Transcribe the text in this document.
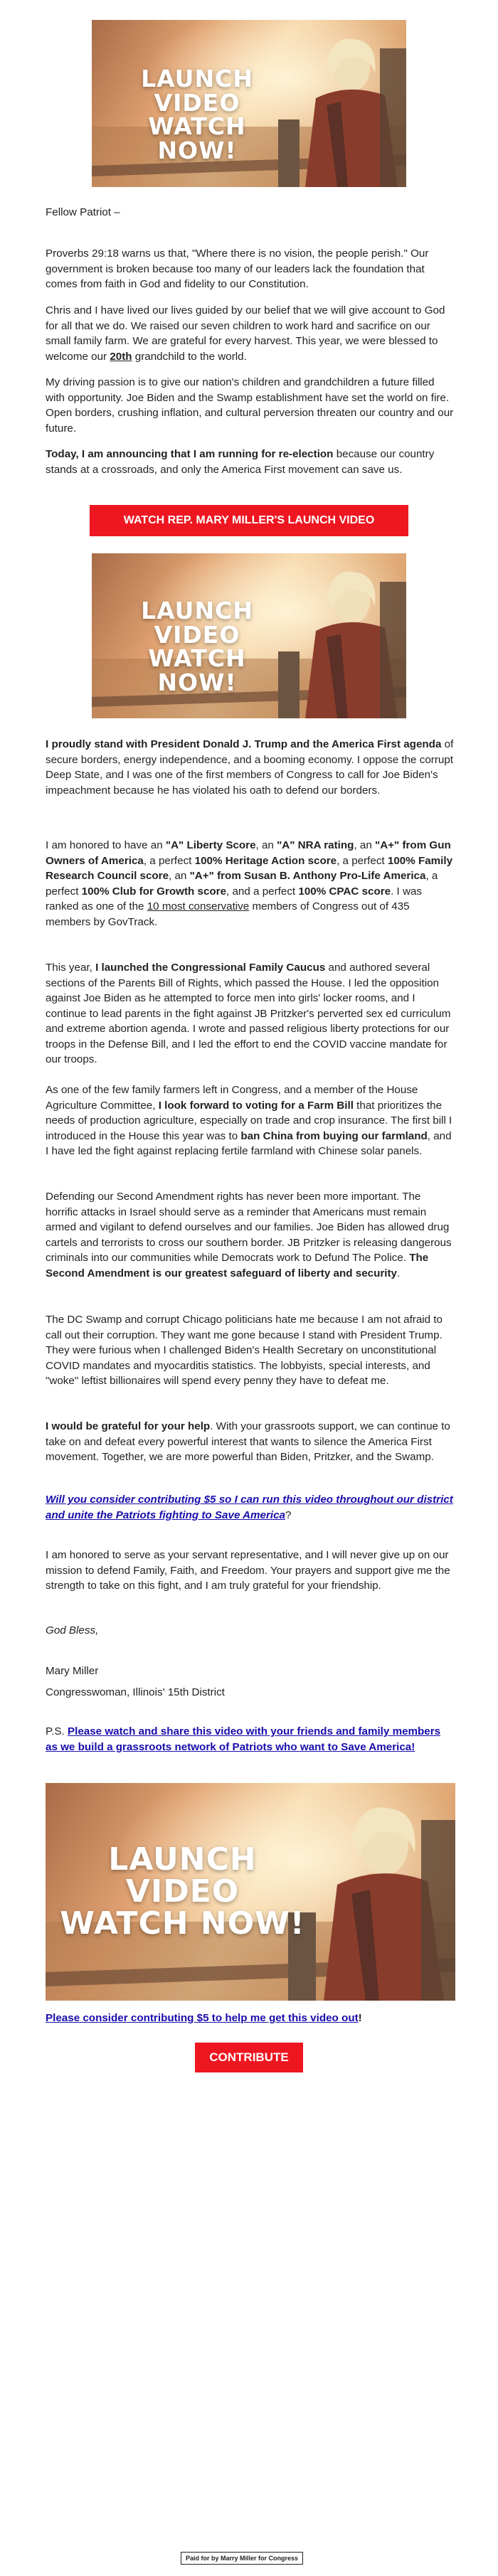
LAUNCH VIDEO
WATCH NOW!

Fellow Patriot –

Proverbs 29:18 warns us that, "Where there is no vision, the people perish." Our government is broken because too many of our leaders lack the foundation that comes from faith in God and fidelity to our Constitution.

Chris and I have lived our lives guided by our belief that we will give account to God for all that we do. We raised our seven children to work hard and sacrifice on our small family farm. We are grateful for every harvest. This year, we were blessed to welcome our 20th grandchild to the world.

My driving passion is to give our nation's children and grandchildren a future filled with opportunity. Joe Biden and the Swamp establishment have set the world on fire. Open borders, crushing inflation, and cultural perversion threaten our country and our future.

Today, I am announcing that I am running for re-election because our country stands at a crossroads, and only the America First movement can save us.

WATCH REP. MARY MILLER'S LAUNCH VIDEO
LAUNCH VIDEO
WATCH NOW!

I proudly stand with President Donald J. Trump and the America First agenda of secure borders, energy independence, and a booming economy. I oppose the corrupt Deep State, and I was one of the first members of Congress to call for Joe Biden's impeachment because he has violated his oath to defend our borders.

I am honored to have an "A" Liberty Score, an "A" NRA rating, an "A+" from Gun Owners of America, a perfect 100% Heritage Action score, a perfect 100% Family Research Council score, an "A+" from Susan B. Anthony Pro-Life America, a perfect 100% Club for Growth score, and a perfect 100% CPAC score. I was ranked as one of the 10 most conservative members of Congress out of 435 members by GovTrack.

This year, I launched the Congressional Family Caucus and authored several sections of the Parents Bill of Rights, which passed the House. I led the opposition against Joe Biden as he attempted to force men into girls' locker rooms, and I continue to lead parents in the fight against JB Pritzker's perverted sex ed curriculum and extreme abortion agenda. I wrote and passed religious liberty protections for our troops in the Defense Bill, and I led the effort to end the COVID vaccine mandate for our troops.

As one of the few family farmers left in Congress, and a member of the House Agriculture Committee, I look forward to voting for a Farm Bill that prioritizes the needs of production agriculture, especially on trade and crop insurance. The first bill I introduced in the House this year was to ban China from buying our farmland, and I have led the fight against replacing fertile farmland with Chinese solar panels.

Defending our Second Amendment rights has never been more important. The horrific attacks in Israel should serve as a reminder that Americans must remain armed and vigilant to defend ourselves and our families. Joe Biden has allowed drug cartels and terrorists to cross our southern border. JB Pritzker is releasing dangerous criminals into our communities while Democrats work to Defund The Police. The Second Amendment is our greatest safeguard of liberty and security.

The DC Swamp and corrupt Chicago politicians hate me because I am not afraid to call out their corruption. They want me gone because I stand with President Trump. They were furious when I challenged Biden's Health Secretary on unconstitutional COVID mandates and myocarditis statistics. The lobbyists, special interests, and "woke" leftist billionaires will spend every penny they have to defeat me.

I would be grateful for your help. With your grassroots support, we can continue to take on and defeat every powerful interest that wants to silence the America First movement. Together, we are more powerful than Biden, Pritzker, and the Swamp.

Will you consider contributing $5 so I can run this video throughout our district and unite the Patriots fighting to Save America?

I am honored to serve as your servant representative, and I will never give up on our mission to defend Family, Faith, and Freedom. Your prayers and support give me the strength to take on this fight, and I am truly grateful for your friendship.

God Bless,

Mary Miller

Congresswoman, Illinois' 15th District

P.S. Please watch and share this video with your friends and family members as we build a grassroots network of Patriots who want to Save America!

LAUNCH VIDEO
WATCH NOW!

Please consider contributing $5 to help me get this video out!

CONTRIBUTE
Paid for by Marry Miller for Congress
